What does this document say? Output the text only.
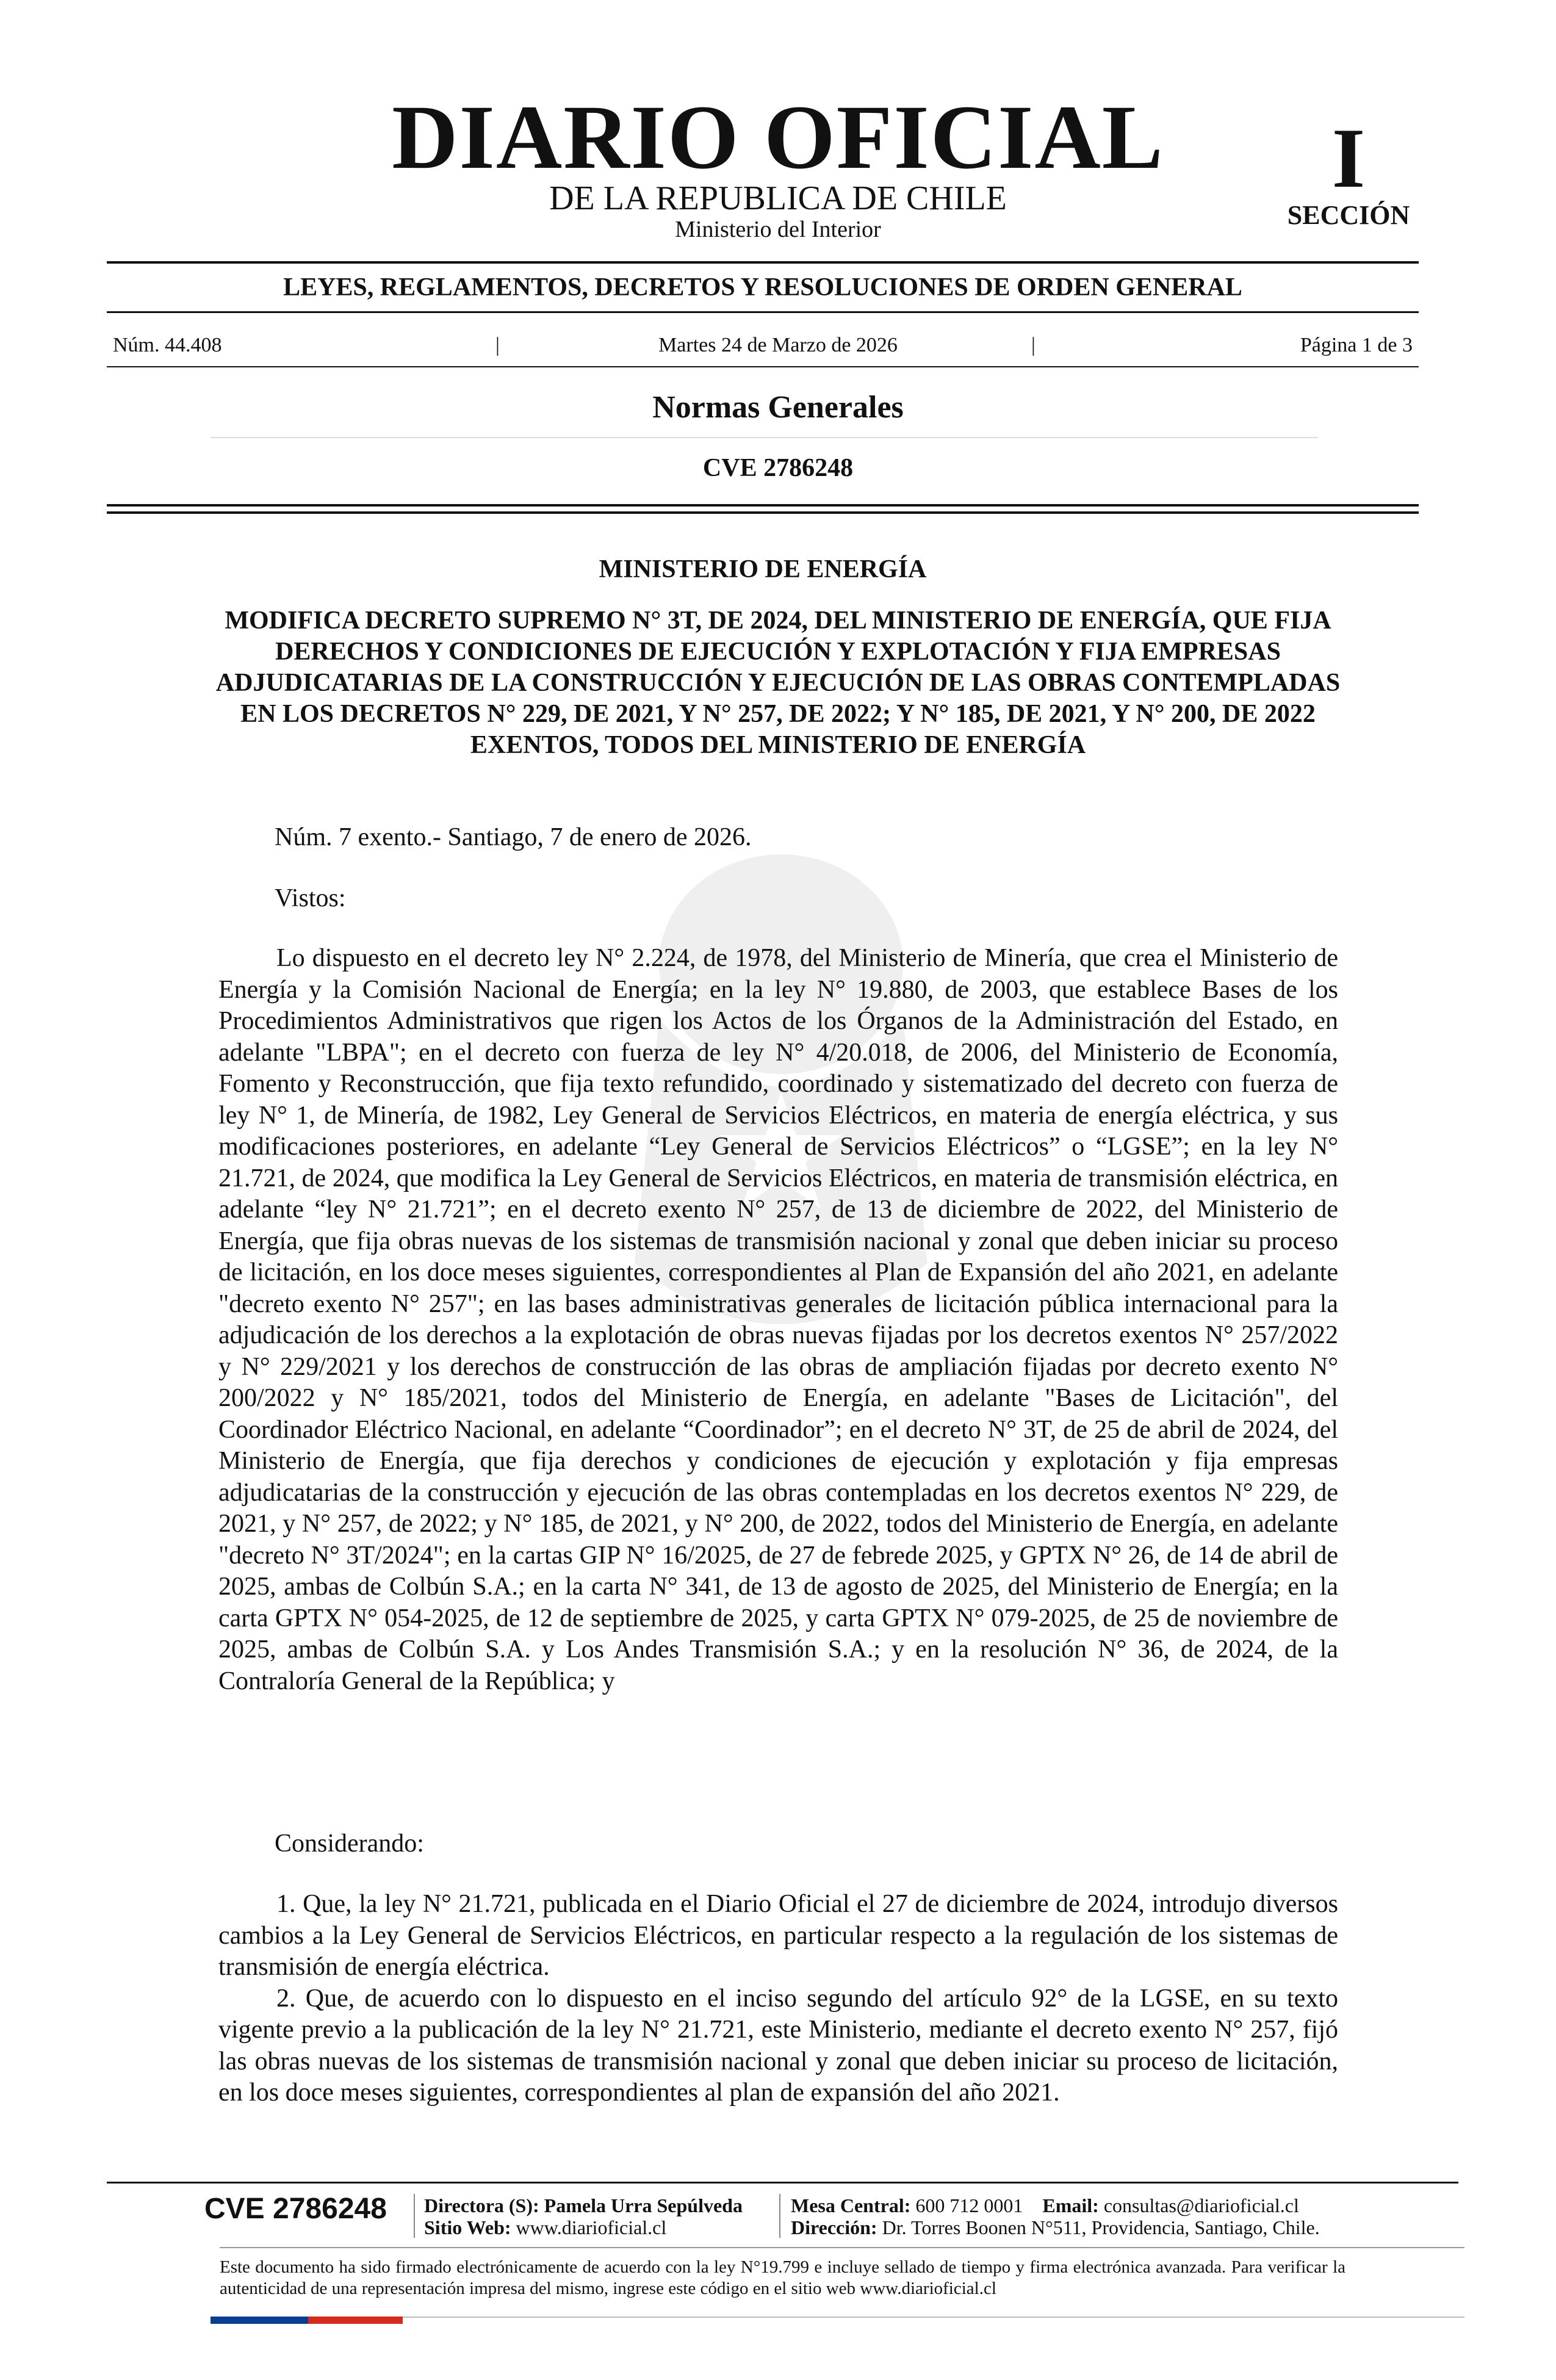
DIARIO OFICIAL
DE LA REPUBLICA DE CHILE
Ministerio del Interior
I
SECCIÓN
LEYES, REGLAMENTOS, DECRETOS Y RESOLUCIONES DE ORDEN GENERAL
Núm. 44.408	|	Martes 24 de Marzo de 2026	|	Página 1 de 3
Normas Generales
CVE 2786248
MINISTERIO DE ENERGÍA
MODIFICA DECRETO SUPREMO N° 3T, DE 2024, DEL MINISTERIO DE ENERGÍA, QUE FIJA DERECHOS Y CONDICIONES DE EJECUCIÓN Y EXPLOTACIÓN Y FIJA EMPRESAS ADJUDICATARIAS DE LA CONSTRUCCIÓN Y EJECUCIÓN DE LAS OBRAS CONTEMPLADAS EN LOS DECRETOS N° 229, DE 2021, Y N° 257, DE 2022; Y N° 185, DE 2021, Y N° 200, DE 2022 EXENTOS, TODOS DEL MINISTERIO DE ENERGÍA
Núm. 7 exento.- Santiago, 7 de enero de 2026.
Vistos:

Lo dispuesto en el decreto ley N° 2.224, de 1978, del Ministerio de Minería, que crea el Ministerio de Energía y la Comisión Nacional de Energía; en la ley N° 19.880, de 2003, que establece Bases de los Procedimientos Administrativos que rigen los Actos de los Órganos de la Administración del Estado, en adelante "LBPA"; en el decreto con fuerza de ley N° 4/20.018, de 2006, del Ministerio de Economía, Fomento y Reconstrucción, que fija texto refundido, coordinado y sistematizado del decreto con fuerza de ley N° 1, de Minería, de 1982, Ley General de Servicios Eléctricos, en materia de energía eléctrica, y sus modificaciones posteriores, en adelante “Ley General de Servicios Eléctricos” o “LGSE”; en la ley N° 21.721, de 2024, que modifica la Ley General de Servicios Eléctricos, en materia de transmisión eléctrica, en adelante “ley N° 21.721”; en el decreto exento N° 257, de 13 de diciembre de 2022, del Ministerio de Energía, que fija obras nuevas de los sistemas de transmisión nacional y zonal que deben iniciar su proceso de licitación, en los doce meses siguientes, correspondientes al Plan de Expansión del año 2021, en adelante "decreto exento N° 257"; en las bases administrativas generales de licitación pública internacional para la adjudicación de los derechos a la explotación de obras nuevas fijadas por los decretos exentos N° 257/2022 y N° 229/2021 y los derechos de construcción de las obras de ampliación fijadas por decreto exento N° 200/2022 y N° 185/2021, todos del Ministerio de Energía, en adelante "Bases de Licitación", del Coordinador Eléctrico Nacional, en adelante “Coordinador”; en el decreto N° 3T, de 25 de abril de 2024, del Ministerio de Energía, que fija derechos y condiciones de ejecución y explotación y fija empresas adjudicatarias de la construcción y ejecución de las obras contempladas en los decretos exentos N° 229, de 2021, y N° 257, de 2022; y N° 185, de 2021, y N° 200, de 2022, todos del Ministerio de Energía, en adelante "decreto N° 3T/2024"; en la cartas GIP N° 16/2025, de 27 de febrede 2025, y GPTX N° 26, de 14 de abril de 2025, ambas de Colbún S.A.; en la carta N° 341, de 13 de agosto de 2025, del Ministerio de Energía; en la carta GPTX N° 054-2025, de 12 de septiembre de 2025, y carta GPTX N° 079-2025, de 25 de noviembre de 2025, ambas de Colbún S.A. y Los Andes Transmisión S.A.; y en la resolución N° 36, de 2024, de la Contraloría General de la República; y

Considerando:

1. Que, la ley N° 21.721, publicada en el Diario Oficial el 27 de diciembre de 2024, introdujo diversos cambios a la Ley General de Servicios Eléctricos, en particular respecto a la regulación de los sistemas de transmisión de energía eléctrica.

2. Que, de acuerdo con lo dispuesto en el inciso segundo del artículo 92° de la LGSE, en su texto vigente previo a la publicación de la ley N° 21.721, este Ministerio, mediante el decreto exento N° 257, fijó las obras nuevas de los sistemas de transmisión nacional y zonal que deben iniciar su proceso de licitación, en los doce meses siguientes, correspondientes al plan de expansión del año 2021.

CVE 2786248 Directora (S): Pamela Urra Sepúlveda
Sitio Web: www.diarioficial.cl
Mesa Central: 600 712 0001 Email: consultas@diarioficial.cl
Dirección: Dr. Torres Boonen N°511, Providencia, Santiago, Chile.
Este documento ha sido firmado electrónicamente de acuerdo con la ley N°19.799 e incluye sellado de tiempo y firma electrónica avanzada. Para verificar la autenticidad de una representación impresa del mismo, ingrese este código en el sitio web www.diarioficial.cl
